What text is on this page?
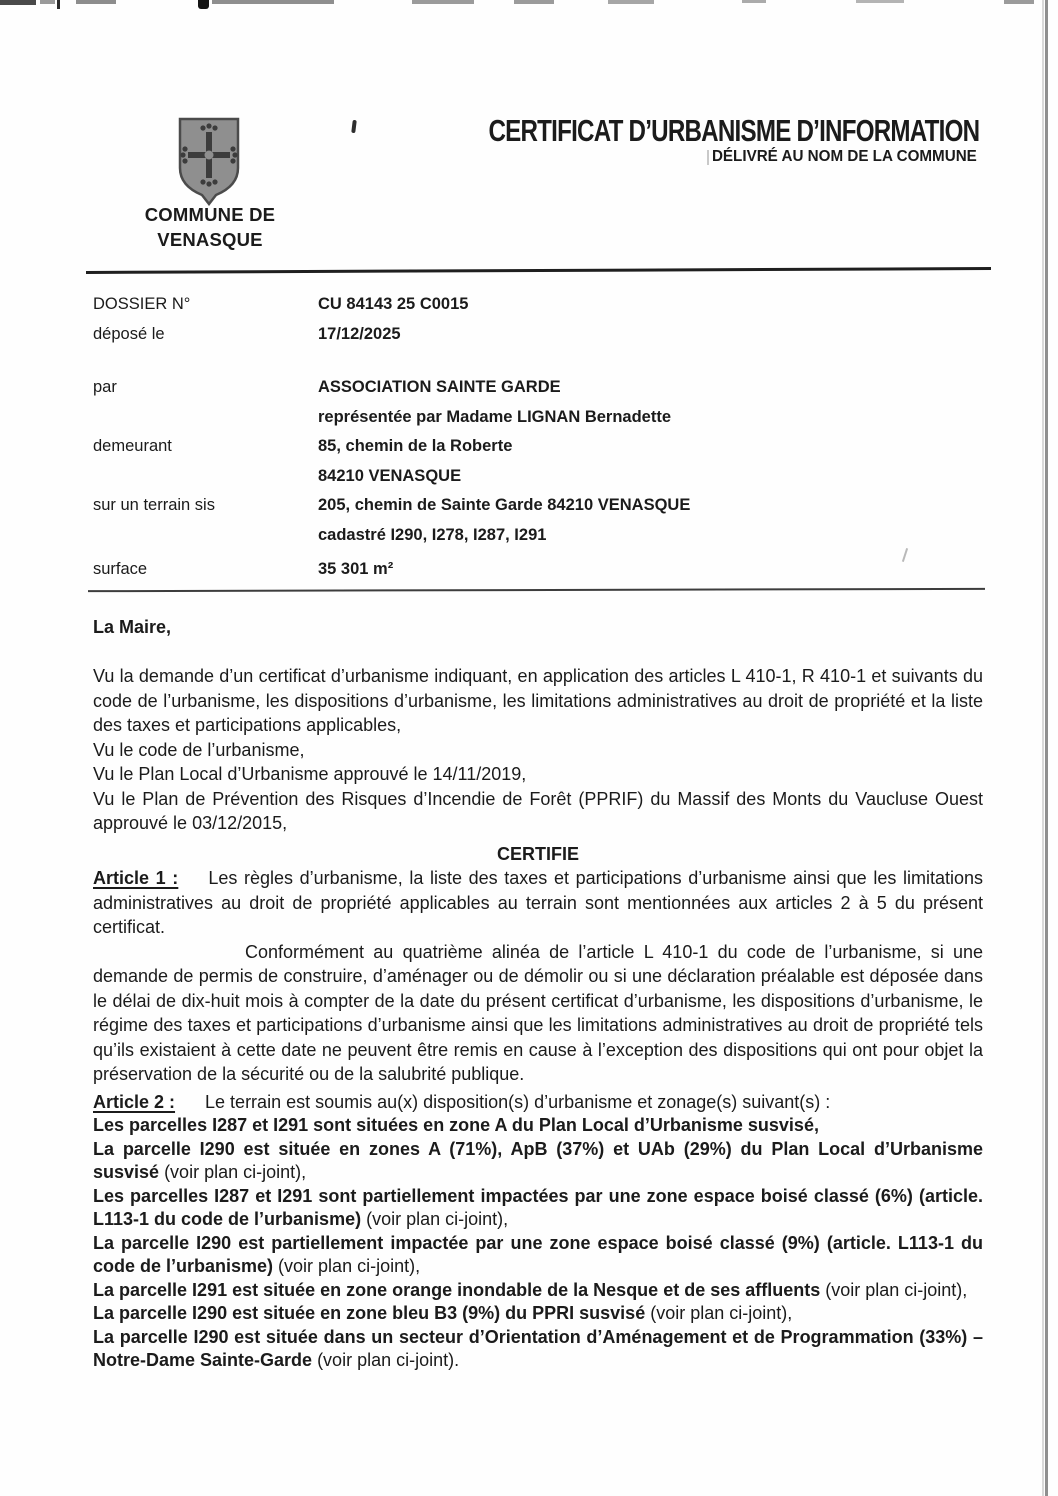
COMMUNE DE
VENASQUE
CERTIFICAT D’URBANISME D’INFORMATION
DÉLIVRÉ AU NOM DE LA COMMUNE
DOSSIER N°	CU 84143 25 C0015
déposé le	17/12/2025
par	ASSOCIATION SAINTE GARDE
représentée par Madame LIGNAN Bernadette
demeurant	85, chemin de la Roberte
84210 VENASQUE
sur un terrain sis	205, chemin de Sainte Garde 84210 VENASQUE
cadastré I290, I278, I287, I291
surface	35 301 m²

La Maire,

Vu la demande d’un certificat d’urbanisme indiquant, en application des articles L 410-1, R 410-1 et suivants du code de l’urbanisme, les dispositions d’urbanisme, les limitations administratives au droit de propriété et la liste des taxes et participations applicables,

Vu le code de l’urbanisme,

Vu le Plan Local d’Urbanisme approuvé le 14/11/2019,

Vu le Plan de Prévention des Risques d’Incendie de Forêt (PPRIF) du Massif des Monts du Vaucluse Ouest approuvé le 03/12/2015,

CERTIFIE

Article 1 : Les règles d’urbanisme, la liste des taxes et participations d’urbanisme ainsi que les limitations administratives au droit de propriété applicables au terrain sont mentionnées aux articles 2 à 5 du présent certificat.

Conformément au quatrième alinéa de l’article L 410-1 du code de l’urbanisme, si une demande de permis de construire, d’aménager ou de démolir ou si une déclaration préalable est déposée dans le délai de dix-huit mois à compter de la date du présent certificat d’urbanisme, les dispositions d’urbanisme, le régime des taxes et participations d’urbanisme ainsi que les limitations administratives au droit de propriété tels qu’ils existaient à cette date ne peuvent être remis en cause à l’exception des dispositions qui ont pour objet la préservation de la sécurité ou de la salubrité publique.

Article 2 : Le terrain est soumis au(x) disposition(s) d’urbanisme et zonage(s) suivant(s) :

Les parcelles I287 et I291 sont situées en zone A du Plan Local d’Urbanisme susvisé,

La parcelle I290 est située en zones A (71%), ApB (37%) et UAb (29%) du Plan Local d’Urbanisme susvisé (voir plan ci-joint),

Les parcelles I287 et I291 sont partiellement impactées par une zone espace boisé classé (6%) (article. L113-1 du code de l’urbanisme) (voir plan ci-joint),

La parcelle I290 est partiellement impactée par une zone espace boisé classé (9%) (article. L113-1 du code de l’urbanisme) (voir plan ci-joint),

La parcelle I291 est située en zone orange inondable de la Nesque et de ses affluents (voir plan ci-joint),

La parcelle I290 est située en zone bleu B3 (9%) du PPRI susvisé (voir plan ci-joint),

La parcelle I290 est située dans un secteur d’Orientation d’Aménagement et de Programmation (33%) – Notre-Dame Sainte-Garde (voir plan ci-joint).
